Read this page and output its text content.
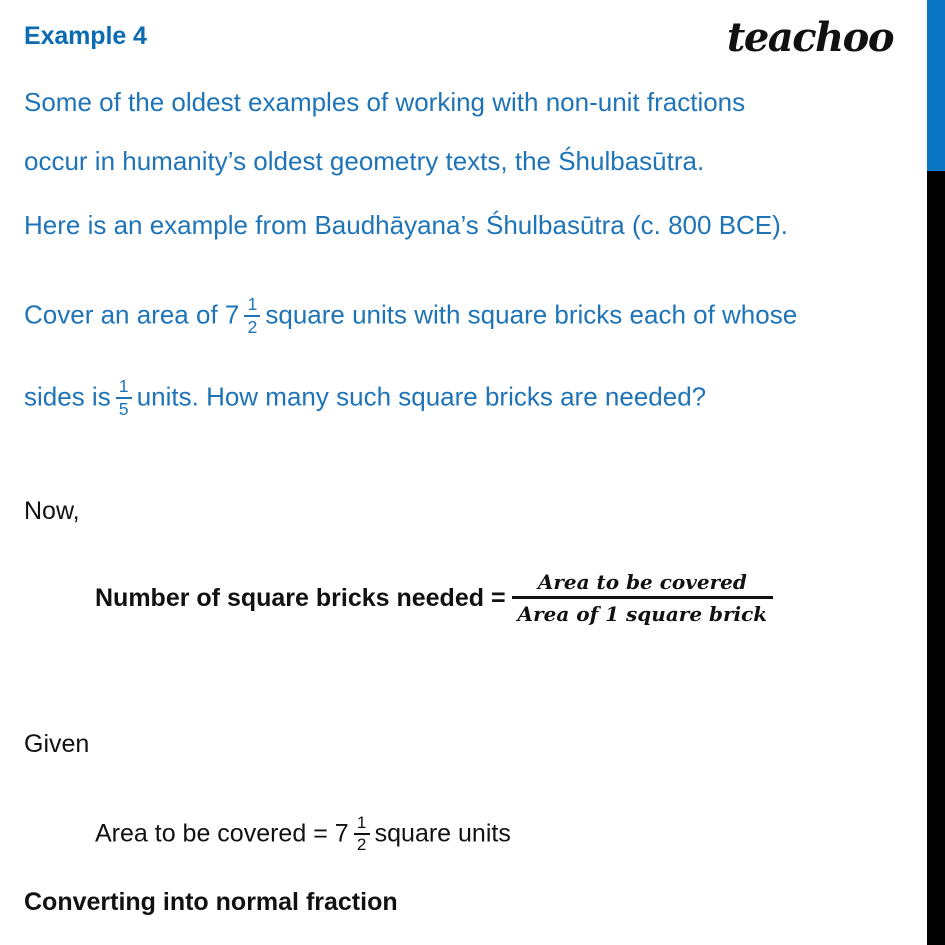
Example 4	teachoo
Some of the oldest examples of working with non-unit fractions
occur in humanity’s oldest geometry texts, the Śhulbasūtra.
Here is an example from Baudhāyana’s Śhulbasūtra (c. 800 BCE).
Cover an area of $7 \frac{1}{2}$ square units with square bricks each of whose
sides is $\frac{1}{5}$ units. How many such square bricks are needed?
Now,
Number of square bricks needed =
Area to be covered
Area of 1 square brick
Given
Area to be covered = $7 \frac{1}{2}$ square units
Converting into normal fraction
